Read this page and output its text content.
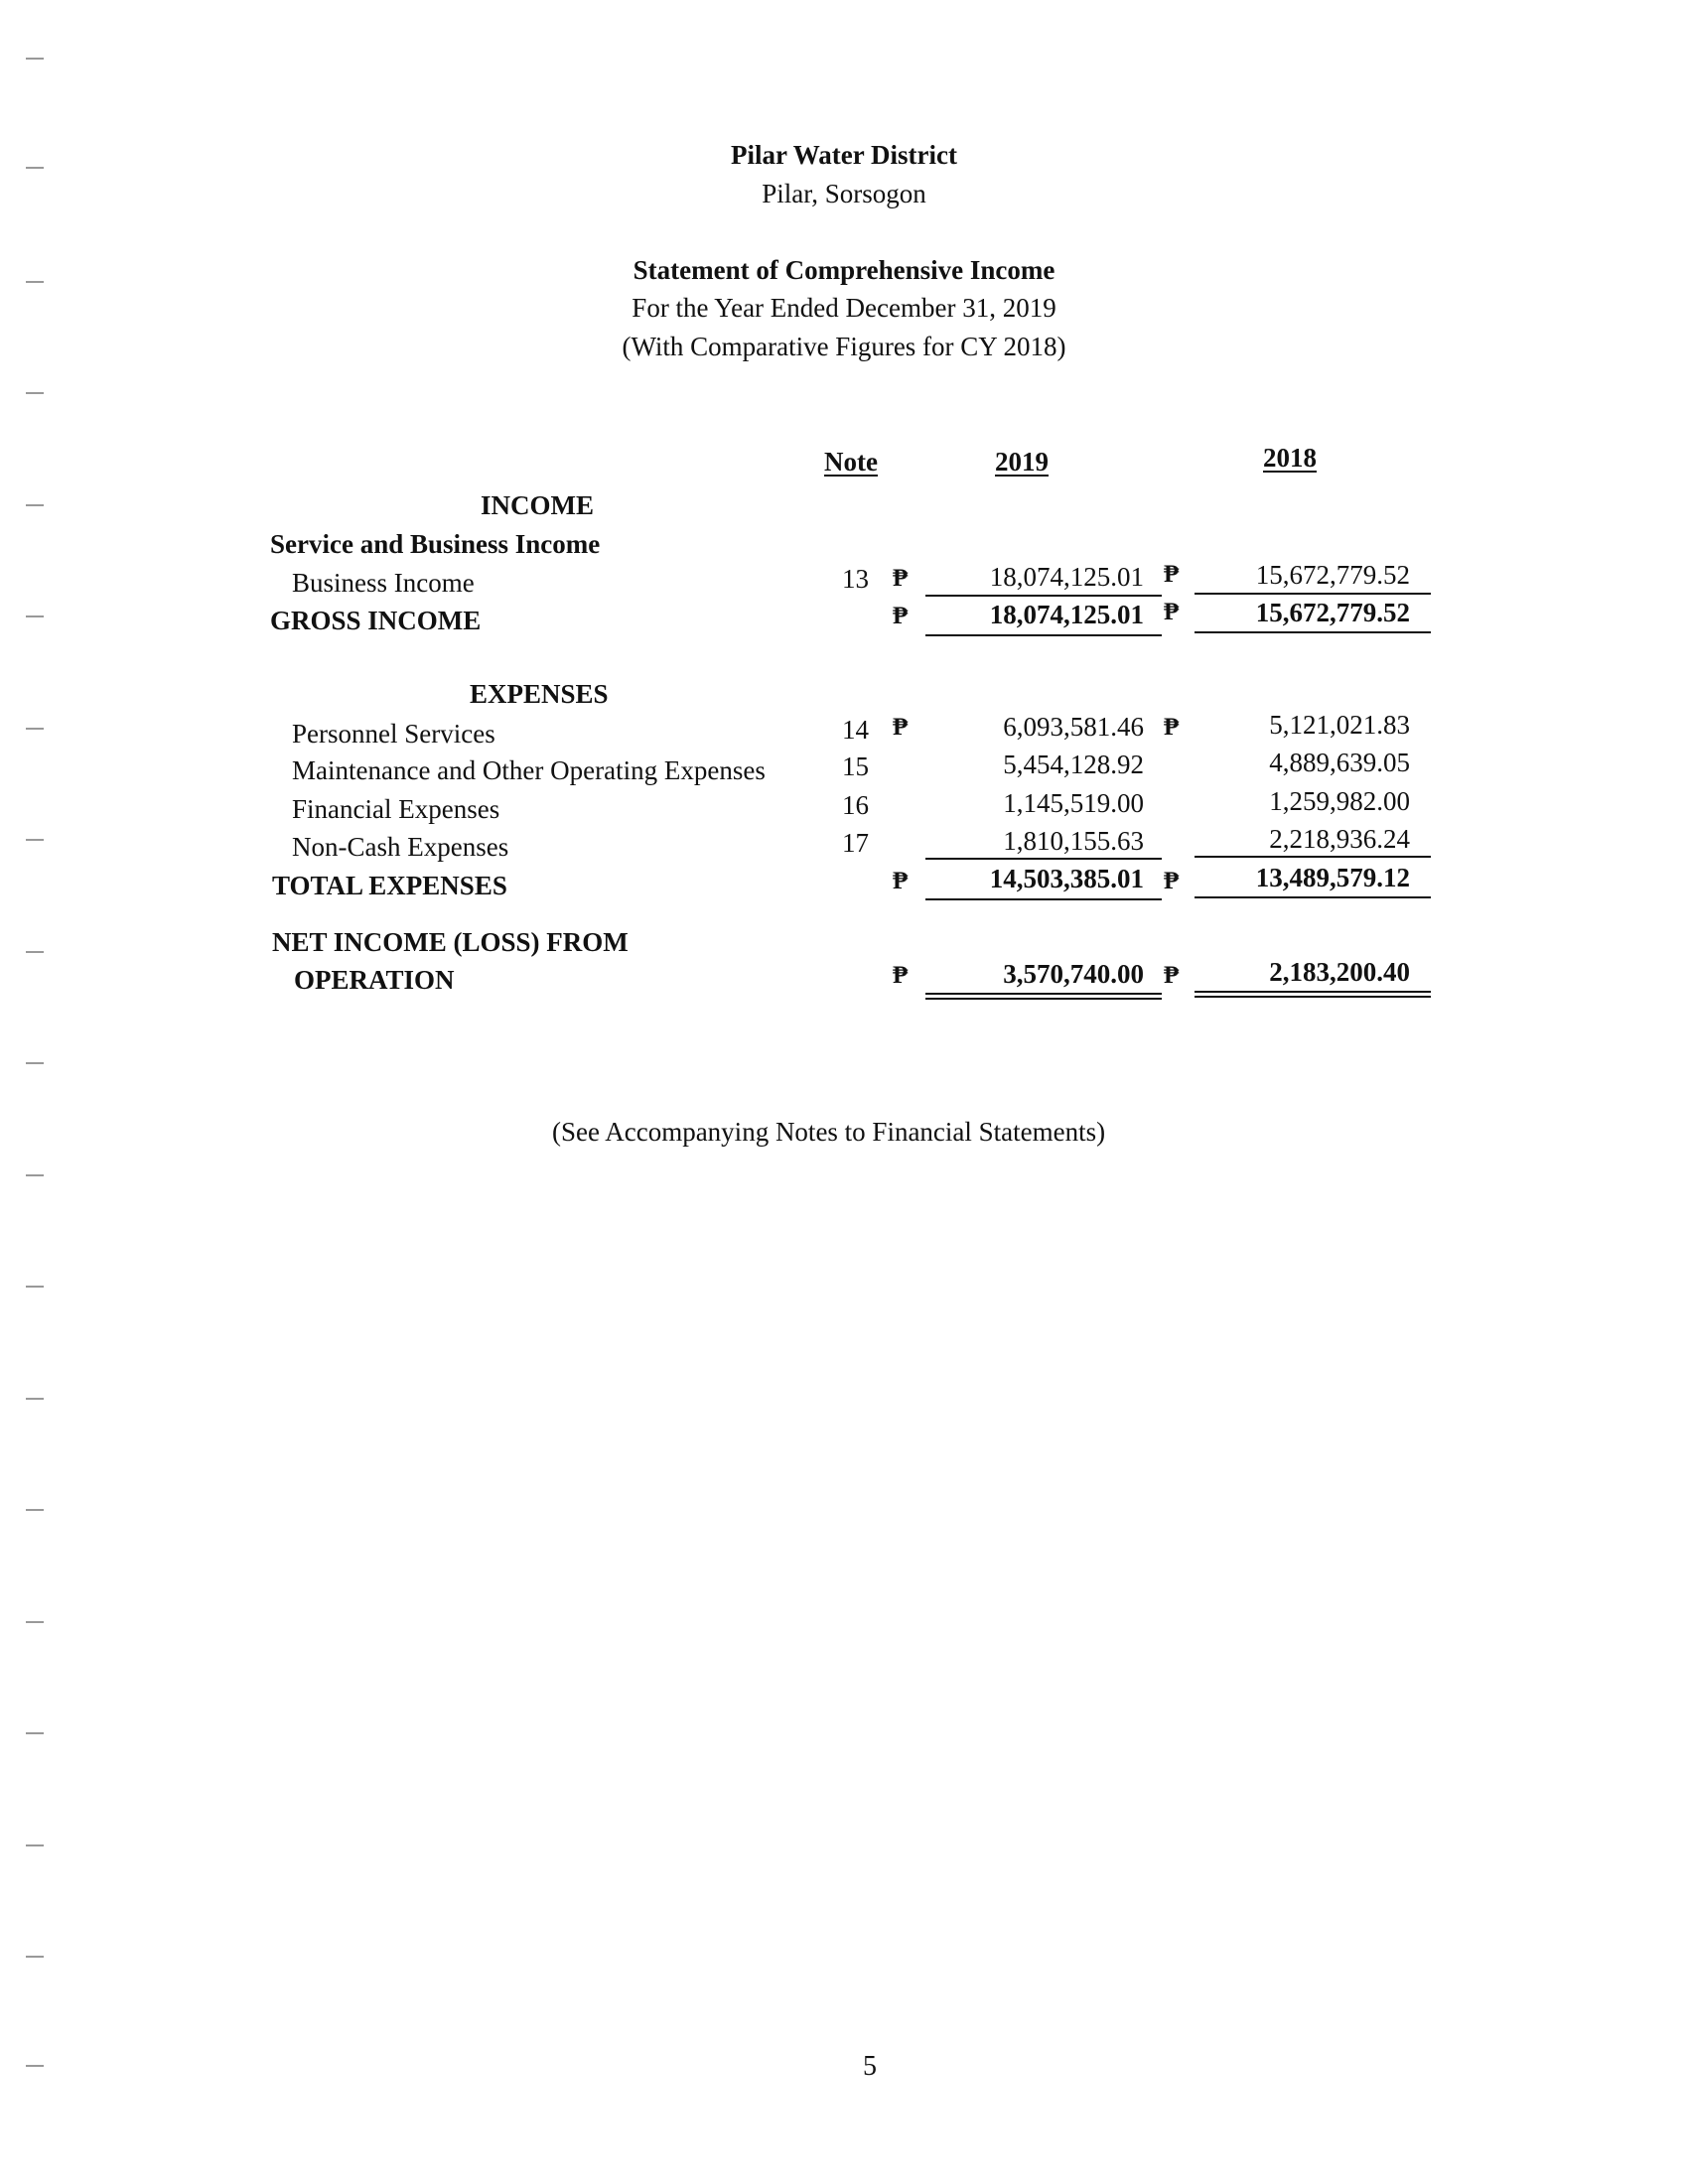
Pilar Water District
Pilar, Sorsogon
Statement of Comprehensive Income
For the Year Ended December 31, 2019
(With Comparative Figures for CY 2018)
Note	2019	2018
INCOME
Service and Business Income
Business Income	13 ₱	18,074,125.01 ₱	15,672,779.52
GROSS INCOME	₱	18,074,125.01 ₱	15,672,779.52
EXPENSES
Personnel Services	14 ₱	6,093,581.46 ₱	5,121,021.83
Maintenance and Other Operating Expenses	15	5,454,128.92	4,889,639.05
Financial Expenses	16	1,145,519.00	1,259,982.00
Non-Cash Expenses	17	1,810,155.63	2,218,936.24
TOTAL EXPENSES	₱	14,503,385.01 ₱	13,489,579.12
NET INCOME (LOSS) FROM
OPERATION	₱	3,570,740.00 ₱	2,183,200.40
(See Accompanying Notes to Financial Statements)
5
